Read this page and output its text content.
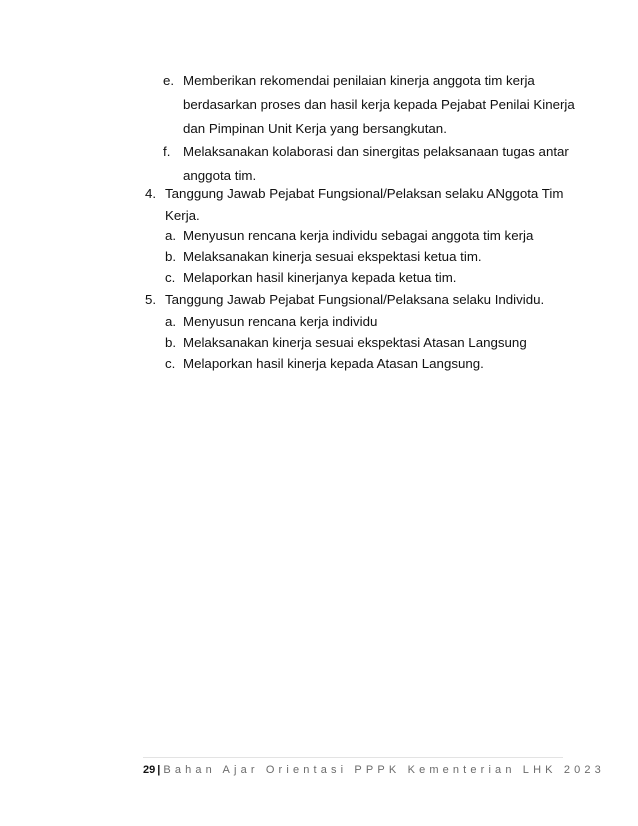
e. Memberikan rekomendai penilaian kinerja anggota tim kerja
berdasarkan proses dan hasil kerja kepada Pejabat Penilai Kinerja
dan Pimpinan Unit Kerja yang bersangkutan.
f. Melaksanakan kolaborasi dan sinergitas pelaksanaan tugas antar
anggota tim.
4. Tanggung Jawab Pejabat Fungsional/Pelaksan selaku ANggota Tim
Kerja.
a. Menyusun rencana kerja individu sebagai anggota tim kerja
b. Melaksanakan kinerja sesuai ekspektasi ketua tim.
c. Melaporkan hasil kinerjanya kepada ketua tim.
5. Tanggung Jawab Pejabat Fungsional/Pelaksana selaku Individu.
a. Menyusun rencana kerja individu
b. Melaksanakan kinerja sesuai ekspektasi Atasan Langsung
c. Melaporkan hasil kinerja kepada Atasan Langsung.
29 | Bahan Ajar Orientasi PPPK Kementerian LHK 2023
